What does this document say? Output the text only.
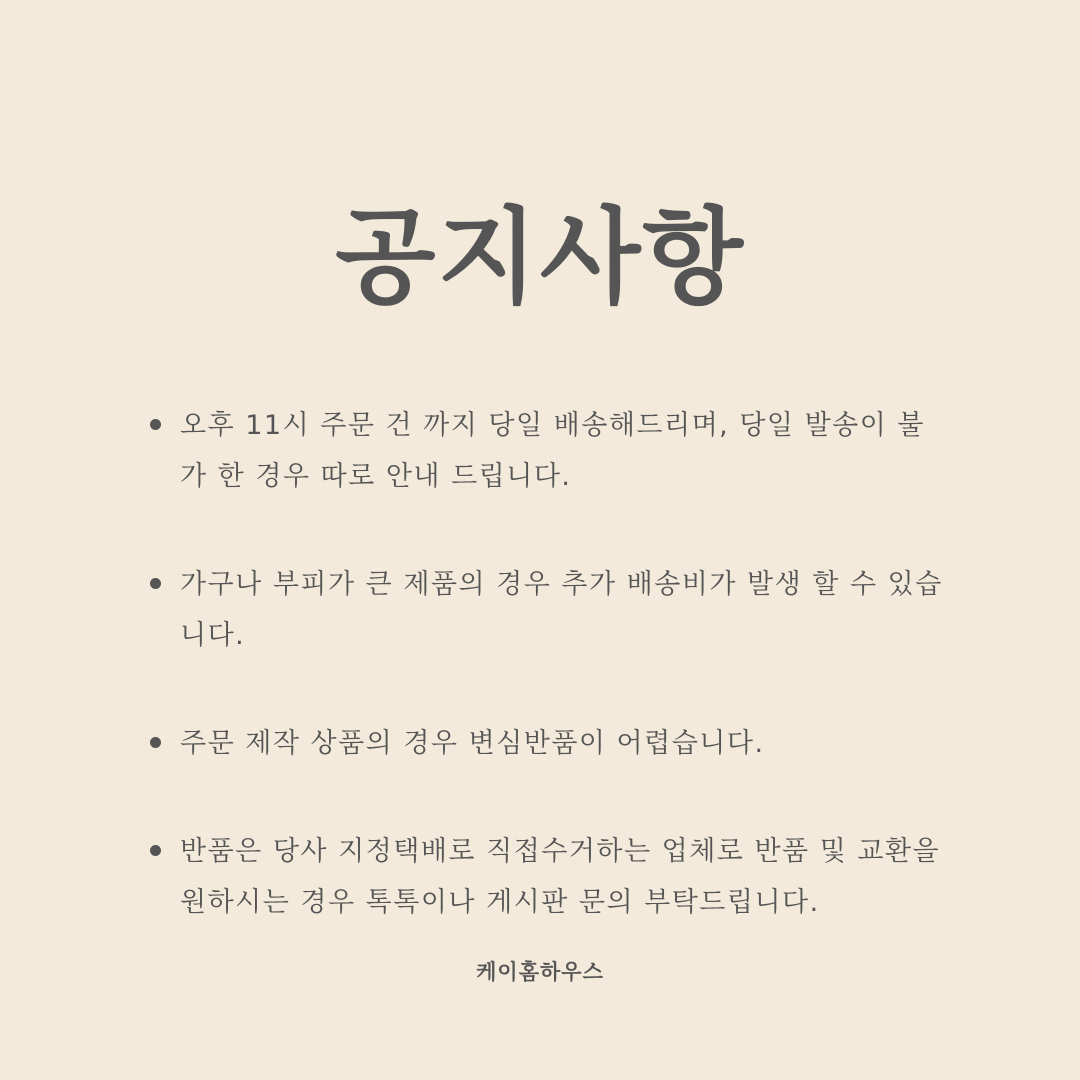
공지사항
오후 11시 주문 건 까지 당일 배송해드리며, 당일 발송이 불
가 한 경우 따로 안내 드립니다.
가구나 부피가 큰 제품의 경우 추가 배송비가 발생 할 수 있습
니다.
주문 제작 상품의 경우 변심반품이 어렵습니다.
반품은 당사 지정택배로 직접수거하는 업체로 반품 및 교환을
원하시는 경우 톡톡이나 게시판 문의 부탁드립니다.
케이홈하우스
